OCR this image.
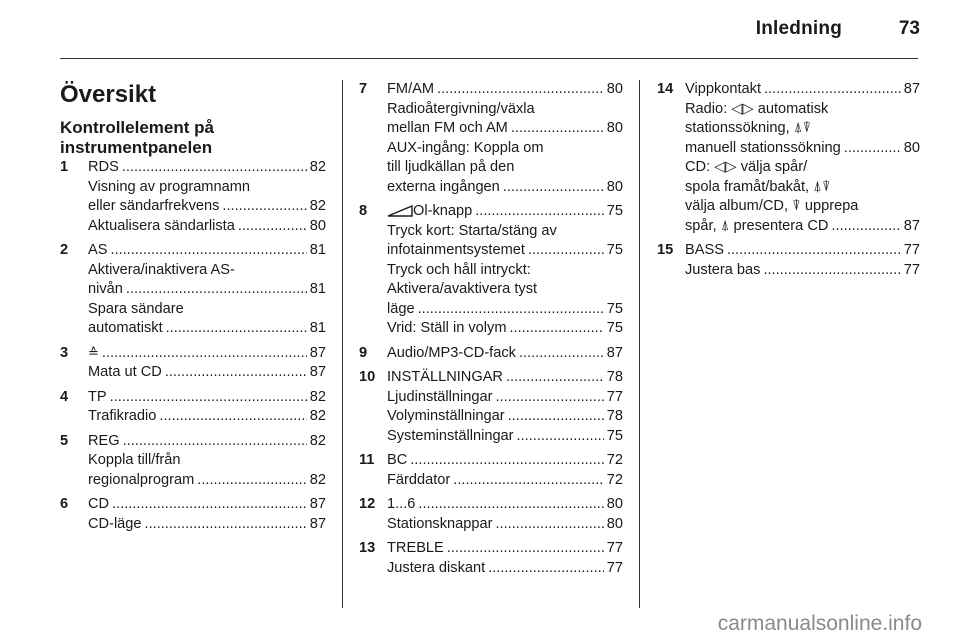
Inledning	73
Översikt
Kontrollelement på
instrumentpanelen
1 RDS .....	82
Visning av programnamn
eller sändarfrekvens .....	82
Aktualisera sändarlista .....	80
2 AS .....	81
Aktivera/inaktivera AS-
nivån .....	81
Spara sändare
automatiskt .....	81
3 ≙ .....	87
Mata ut CD .....	87
4 TP .....	82
Trafikradio .....	82
5 REG .....	82
Koppla till/från
regionalprogram .....	82
6 CD .....	87
CD-läge .....	87
7 FM/AM .....	80
Radioåtergivning/växla
mellan FM och AM .....	80
AUX-ingång: Koppla om
till ljudkällan på den
externa ingången .....	80
8	Ol-knapp .....	75
Tryck kort: Starta/stäng av
infotainmentsystemet .....	75
Tryck och håll intryckt:
Aktivera/avaktivera tyst
läge .....	75
Vrid: Ställ in volym .....	75
9 Audio/MP3-CD-fack .....	87
10 INSTÄLLNINGAR .....	78
Ljudinställningar .....	77
Volyminställningar .....	78
Systeminställningar .....	75
11 BC .....	72
Färddator .....	72
12 1...6 .....	80
Stationsknappar .....	80
13 TREBLE .....	77
Justera diskant .....	77
14 Vippkontakt .....	87
Radio: ◁▷ automatisk
stationssökning, ⍋⍒
manuell stationssökning .....	80
CD: ◁▷ välja spår/
spola framåt/bakåt, ⍋⍒
välja album/CD, ⍒ upprepa
spår, ⍋ presentera CD .....	87
15 BASS .....	77
Justera bas .....	77
carmanualsonline.info
